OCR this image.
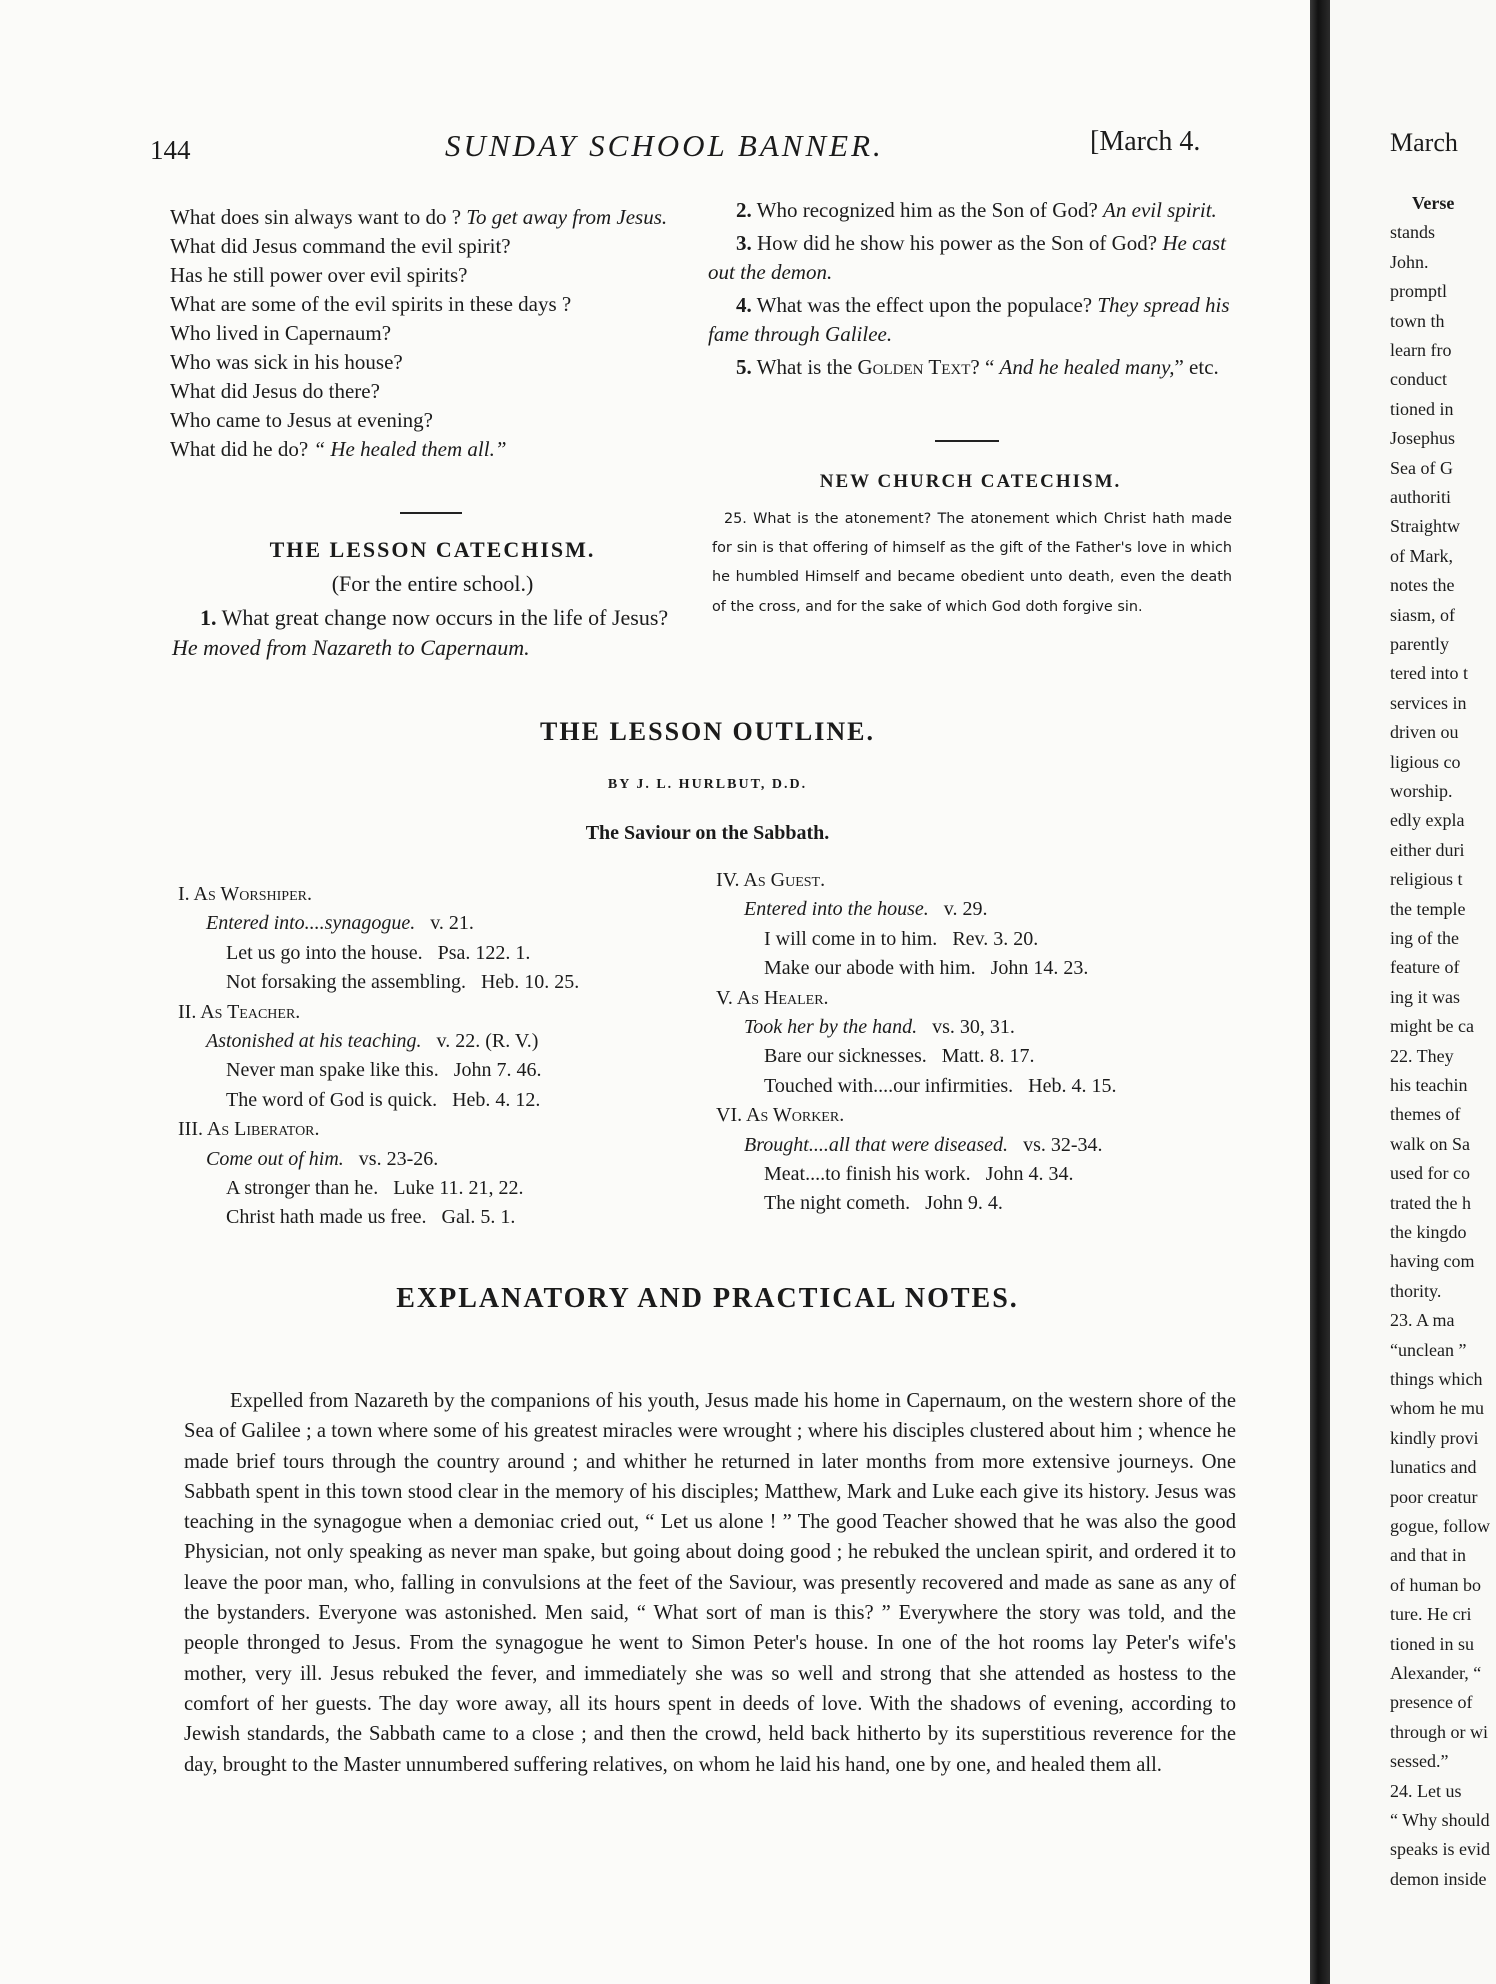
144	SUNDAY SCHOOL BANNER.	[March 4.
What does sin always want to do ? To get away from Jesus.
What did Jesus command the evil spirit?
Has he still power over evil spirits?
What are some of the evil spirits in these days ?
Who lived in Capernaum?
Who was sick in his house?
What did Jesus do there?
Who came to Jesus at evening?
What did he do? “ He healed them all.”
THE LESSON CATECHISM.
(For the entire school.)
1. What great change now occurs in the life of Jesus? He moved from Nazareth to Capernaum.
2. Who recognized him as the Son of God? An evil spirit.
3. How did he show his power as the Son of God? He cast out the demon.
4. What was the effect upon the populace? They spread his fame through Galilee.
5. What is the Golden Text? “ And he healed many,” etc.
NEW CHURCH CATECHISM.
25. What is the atonement? The atonement which Christ hath made for sin is that offering of himself as the gift of the Father's love in which he humbled Himself and became obedient unto death, even the death of the cross, and for the sake of which God doth forgive sin.
THE LESSON OUTLINE.
BY J. L. HURLBUT, D.D.
The Saviour on the Sabbath.
I. As Worshiper.
Entered into....synagogue. v. 21.
Let us go into the house. Psa. 122. 1.
Not forsaking the assembling. Heb. 10. 25.
II. As Teacher.
Astonished at his teaching. v. 22. (R. V.)
Never man spake like this. John 7. 46.
The word of God is quick. Heb. 4. 12.
III. As Liberator.
Come out of him. vs. 23-26.
A stronger than he. Luke 11. 21, 22.
Christ hath made us free. Gal. 5. 1.
IV. As Guest.
Entered into the house. v. 29.
I will come in to him. Rev. 3. 20.
Make our abode with him. John 14. 23.
V. As Healer.
Took her by the hand. vs. 30, 31.
Bare our sicknesses. Matt. 8. 17.
Touched with....our infirmities. Heb. 4. 15.
VI. As Worker.
Brought....all that were diseased. vs. 32-34.
Meat....to finish his work. John 4. 34.
The night cometh. John 9. 4.
EXPLANATORY AND PRACTICAL NOTES.
Expelled from Nazareth by the companions of his youth, Jesus made his home in Capernaum, on the western shore of the Sea of Galilee ; a town where some of his greatest miracles were wrought ; where his disciples clustered about him ; whence he made brief tours through the country around ; and whither he returned in later months from more extensive journeys. One Sabbath spent in this town stood clear in the memory of his disciples; Matthew, Mark and Luke each give its history. Jesus was teaching in the synagogue when a demoniac cried out, “ Let us alone ! ” The good Teacher showed that he was also the good Physician, not only speaking as never man spake, but going about doing good ; he rebuked the unclean spirit, and ordered it to leave the poor man, who, falling in convulsions at the feet of the Saviour, was presently recovered and made as sane as any of the bystanders. Everyone was astonished. Men said, “ What sort of man is this? ” Everywhere the story was told, and the people thronged to Jesus. From the synagogue he went to Simon Peter's house. In one of the hot rooms lay Peter's wife's mother, very ill. Jesus rebuked the fever, and immediately she was so well and strong that she attended as hostess to the comfort of her guests. The day wore away, all its hours spent in deeds of love. With the shadows of evening, according to Jewish standards, the Sabbath came to a close ; and then the crowd, held back hitherto by its superstitious reverence for the day, brought to the Master unnumbered suffering relatives, on whom he laid his hand, one by one, and healed them all.
March
Verse
stands
John.
promptl
town th
learn fro
conduct
tioned in
Josephus
Sea of G
authoriti
Straightw
of Mark,
notes the
siasm, of
parently
tered into t
services in
driven ou
ligious co
worship.
edly expla
either duri
religious t
the temple
ing of the
feature of
ing it was
might be ca
22. They
his teachin
themes of
walk on Sa
used for co
trated the h
the kingdo
having com
thority.
23. A ma
“unclean ”
things which
whom he mu
kindly provi
lunatics and
poor creatur
gogue, follow
and that in
of human bo
ture. He cri
tioned in su
Alexander, “
presence of
through or wi
sessed.”
24. Let us
“ Why should
speaks is evid
demon inside
